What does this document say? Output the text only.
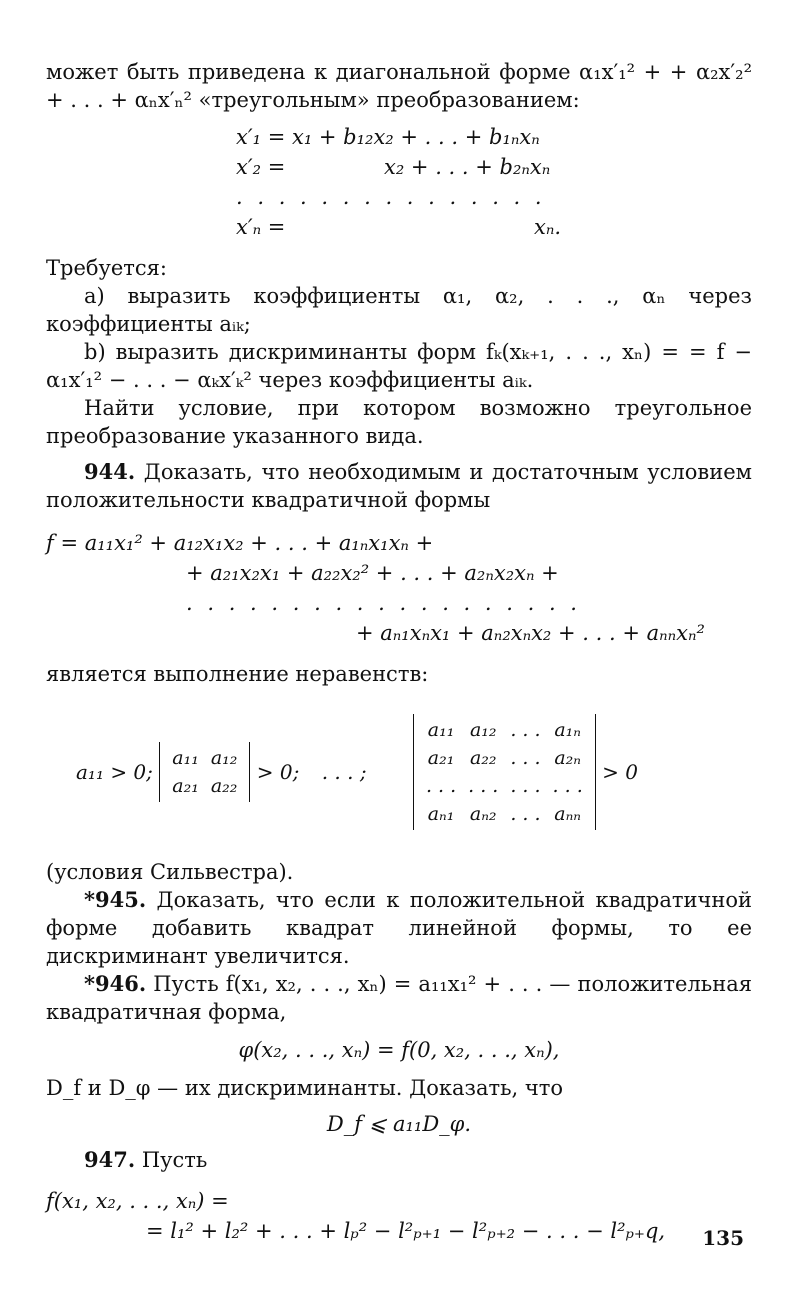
может быть приведена к диагональной форме α₁x′₁² + + α₂x′₂² + . . . + αₙx′ₙ² «треугольным» преобразованием:

x′₁ = x₁ + b₁₂x₂ + . . . + b₁ₙxₙ
x′₂ =	x₂ + . . . + b₂ₙxₙ
. . . . . . . . . . . . . . .
x′ₙ =	xₙ.

Требуется:

а) выразить коэффициенты α₁, α₂, . . ., αₙ через коэффициенты aᵢₖ;

b) выразить дискриминанты форм fₖ(xₖ₊₁, . . ., xₙ) = = f − α₁x′₁² − . . . − αₖx′ₖ² через коэффициенты aᵢₖ.

Найти условие, при котором возможно треугольное преобразование указанного вида.

944. Доказать, что необходимым и достаточным условием положительности квадратичной формы

f = a₁₁x₁² + a₁₂x₁x₂ + . . . + a₁ₙx₁xₙ +
+ a₂₁x₂x₁ + a₂₂x₂² + . . . + a₂ₙx₂xₙ +
. . . . . . . . . . . . . . . . . . .
+ aₙ₁xₙx₁ + aₙ₂xₙx₂ + . . . + aₙₙxₙ²

является выполнение неравенств:

a₁₁ > 0;
a₁₁	a₁₂
a₂₁	a₂₂
> 0; . . . ;
a₁₁	a₁₂	. . .	a₁ₙ
a₂₁	a₂₂	. . .	a₂ₙ
. . .	. . .	. . .	. . .
aₙ₁	aₙ₂	. . .	aₙₙ
> 0

(условия Сильвестра).

*945. Доказать, что если к положительной квадратичной форме добавить квадрат линейной формы, то ее дискриминант увеличится.

*946. Пусть f(x₁, x₂, . . ., xₙ) = a₁₁x₁² + . . . — положительная квадратичная форма,

φ(x₂, . . ., xₙ) = f(0, x₂, . . ., xₙ),

D_f и D_φ — их дискриминанты. Доказать, что

D_f ⩽ a₁₁D_φ.

947. Пусть

f(x₁, x₂, . . ., xₙ) =
= l₁² + l₂² + . . . + lₚ² − l²ₚ₊₁ − l²ₚ₊₂ − . . . − l²ₚ₊q,	135
